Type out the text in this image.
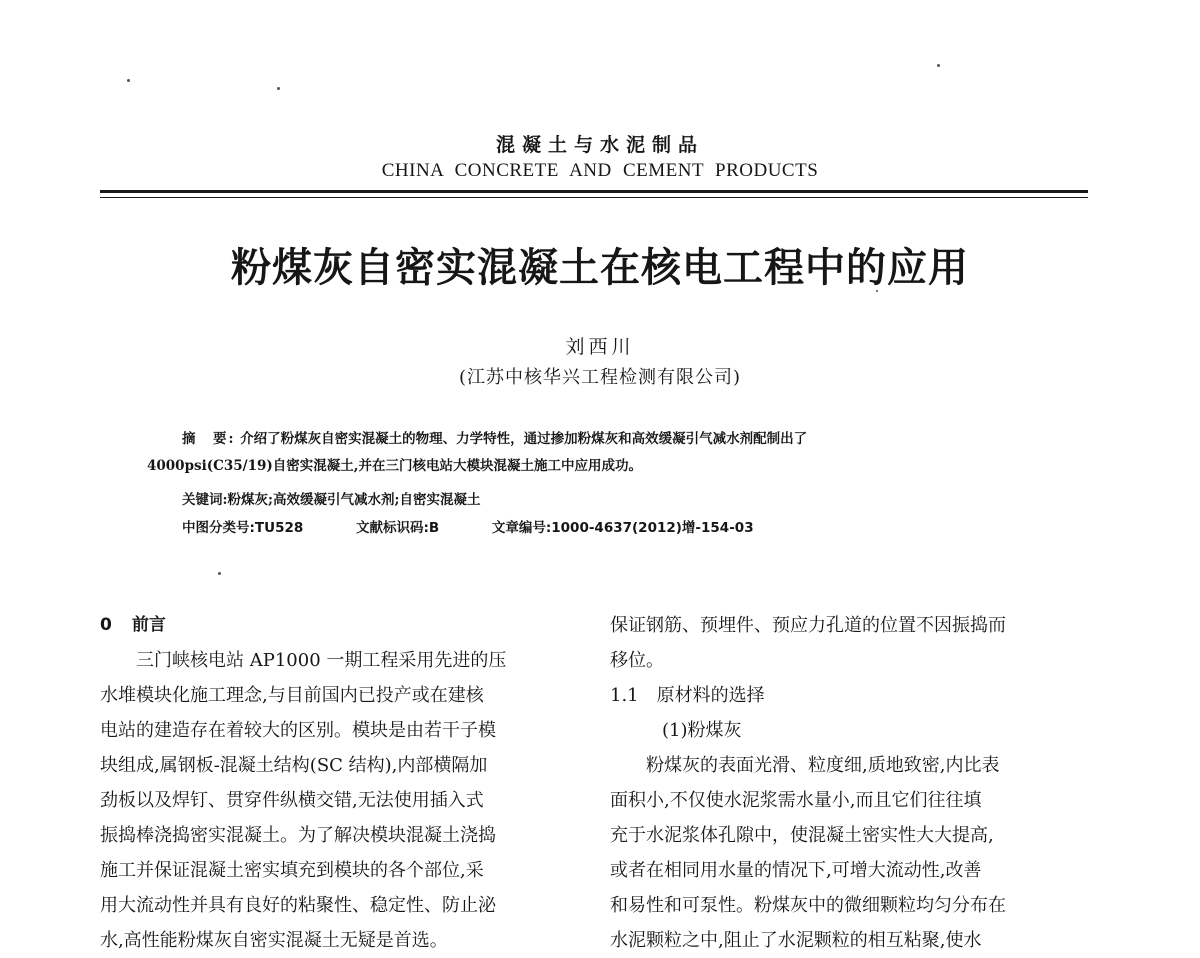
混凝土与水泥制品
CHINA CONCRETE AND CEMENT PRODUCTS
粉煤灰自密实混凝土在核电工程中的应用
刘西川
(江苏中核华兴工程检测有限公司)
摘　要: 介绍了粉煤灰自密实混凝土的物理、力学特性，通过掺加粉煤灰和高效缓凝引气减水剂配制出了
4000psi(C35/19)自密实混凝土,并在三门核电站大模块混凝土施工中应用成功。
关键词:粉煤灰;高效缓凝引气减水剂;自密实混凝土
中图分类号:TU528	文献标识码:B	文章编号:1000-4637(2012)增-154-03
0 前言
三门峡核电站 AP1000 一期工程采用先进的压
水堆模块化施工理念,与目前国内已投产或在建核
电站的建造存在着较大的区别。模块是由若干子模
块组成,属钢板-混凝土结构(SC 结构),内部横隔加
劲板以及焊钉、贯穿件纵横交错,无法使用插入式
振捣棒浇捣密实混凝土。为了解决模块混凝土浇捣
施工并保证混凝土密实填充到模块的各个部位,采
用大流动性并具有良好的粘聚性、稳定性、防止泌
水,高性能粉煤灰自密实混凝土无疑是首选。
保证钢筋、预埋件、预应力孔道的位置不因振捣而
移位。
1.1　原材料的选择
(1)粉煤灰
粉煤灰的表面光滑、粒度细,质地致密,内比表
面积小,不仅使水泥浆需水量小,而且它们往往填
充于水泥浆体孔隙中，使混凝土密实性大大提高,
或者在相同用水量的情况下,可增大流动性,改善
和易性和可泵性。粉煤灰中的微细颗粒均匀分布在
水泥颗粒之中,阻止了水泥颗粒的相互粘聚,使水
